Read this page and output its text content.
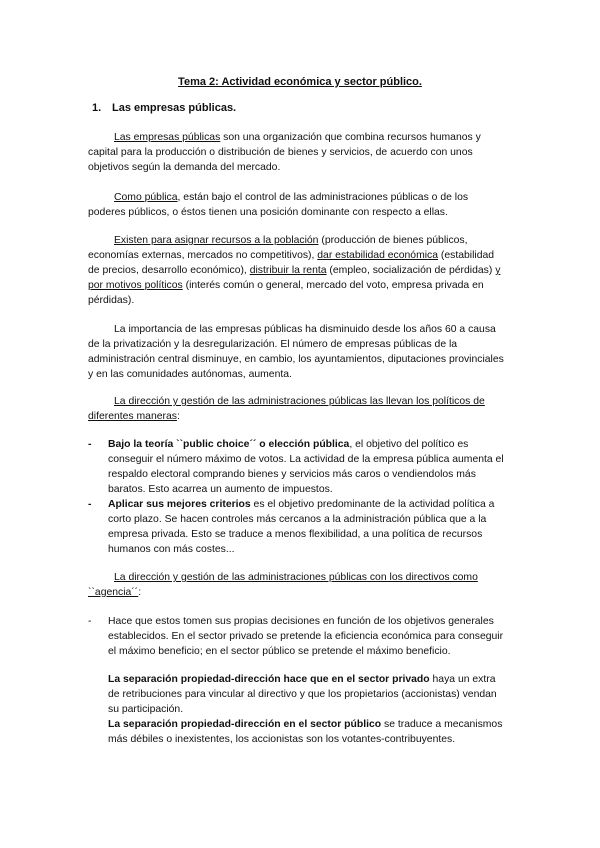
Tema 2: Actividad económica y sector público.
1. Las empresas públicas.
Las empresas públicas son una organización que combina recursos humanos y capital para la producción o distribución de bienes y servicios, de acuerdo con unos objetivos según la demanda del mercado.
Como pública, están bajo el control de las administraciones públicas o de los poderes públicos, o éstos tienen una posición dominante con respecto a ellas.
Existen para asignar recursos a la población (producción de bienes públicos, economías externas, mercados no competitivos), dar estabilidad económica (estabilidad de precios, desarrollo económico), distribuir la renta (empleo, socialización de pérdidas) y por motivos políticos (interés común o general, mercado del voto, empresa privada en pérdidas).
La importancia de las empresas públicas ha disminuido desde los años 60 a causa de la privatización y la desregularización. El número de empresas públicas de la administración central disminuye, en cambio, los ayuntamientos, diputaciones provinciales y en las comunidades autónomas, aumenta.
La dirección y gestión de las administraciones públicas las llevan los políticos de diferentes maneras:
- Bajo la teoría ``public choice´´ o elección pública, el objetivo del político es conseguir el número máximo de votos. La actividad de la empresa pública aumenta el respaldo electoral comprando bienes y servicios más caros o vendiendolos más baratos. Esto acarrea un aumento de impuestos.
- Aplicar sus mejores criterios es el objetivo predominante de la actividad política a corto plazo. Se hacen controles más cercanos a la administración pública que a la empresa privada. Esto se traduce a menos flexibilidad, a una política de recursos humanos con más costes...
La dirección y gestión de las administraciones públicas con los directivos como ``agencia´´:
- Hace que estos tomen sus propias decisiones en función de los objetivos generales establecidos. En el sector privado se pretende la eficiencia económica para conseguir el máximo beneficio; en el sector público se pretende el máximo beneficio.
La separación propiedad-dirección hace que en el sector privado haya un extra de retribuciones para vincular al directivo y que los propietarios (accionistas) vendan su participación.
La separación propiedad-dirección en el sector público se traduce a mecanismos más débiles o inexistentes, los accionistas son los votantes-contribuyentes.
